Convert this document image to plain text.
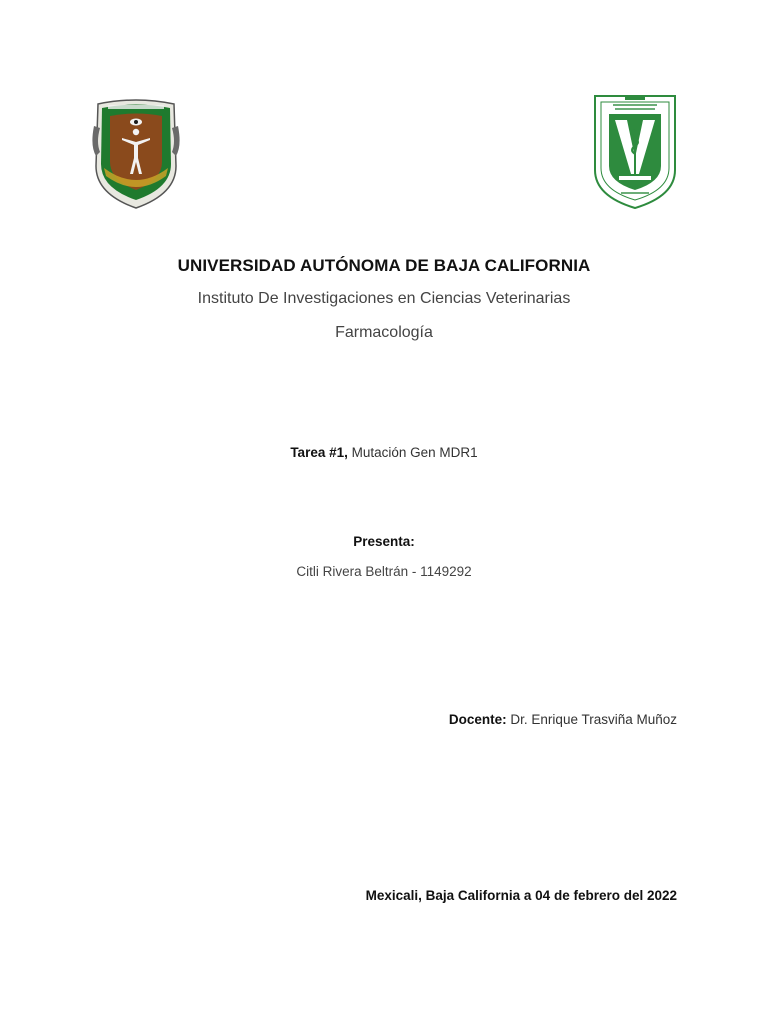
UNIVERSIDAD AUTÓNOMA DE BAJA CALIFORNIA
Instituto De Investigaciones en Ciencias Veterinarias
Farmacología
Tarea #1, Mutación Gen MDR1
Presenta:
Citli Rivera Beltrán - 1149292
Docente: Dr. Enrique Trasviña Muñoz
Mexicali, Baja California a 04 de febrero del 2022
